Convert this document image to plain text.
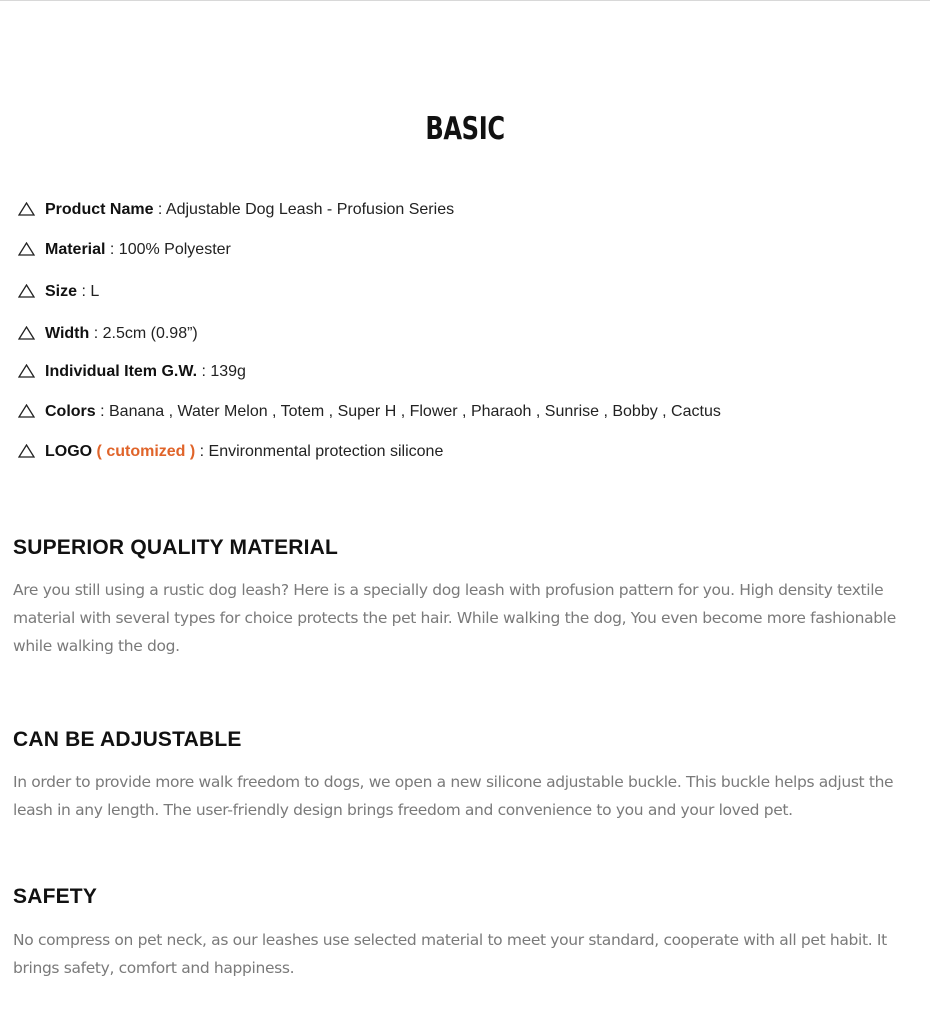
BASIC
Product Name : Adjustable Dog Leash - Profusion Series
Material : 100% Polyester
Size : L
Width : 2.5cm (0.98”)
Individual Item G.W. : 139g
Colors : Banana , Water Melon , Totem , Super H , Flower , Pharaoh , Sunrise , Bobby , Cactus
LOGO ( cutomized ) : Environmental protection silicone
SUPERIOR QUALITY MATERIAL

Are you still using a rustic dog leash? Here is a specially dog leash with profusion pattern for you. High density textile material with several types for choice protects the pet hair. While walking the dog, You even become more fashionable while walking the dog.

CAN BE ADJUSTABLE

In order to provide more walk freedom to dogs, we open a new silicone adjustable buckle. This buckle helps adjust the leash in any length. The user-friendly design brings freedom and convenience to you and your loved pet.

SAFETY

No compress on pet neck, as our leashes use selected material to meet your standard, cooperate with all pet habit. It brings safety, comfort and happiness.
